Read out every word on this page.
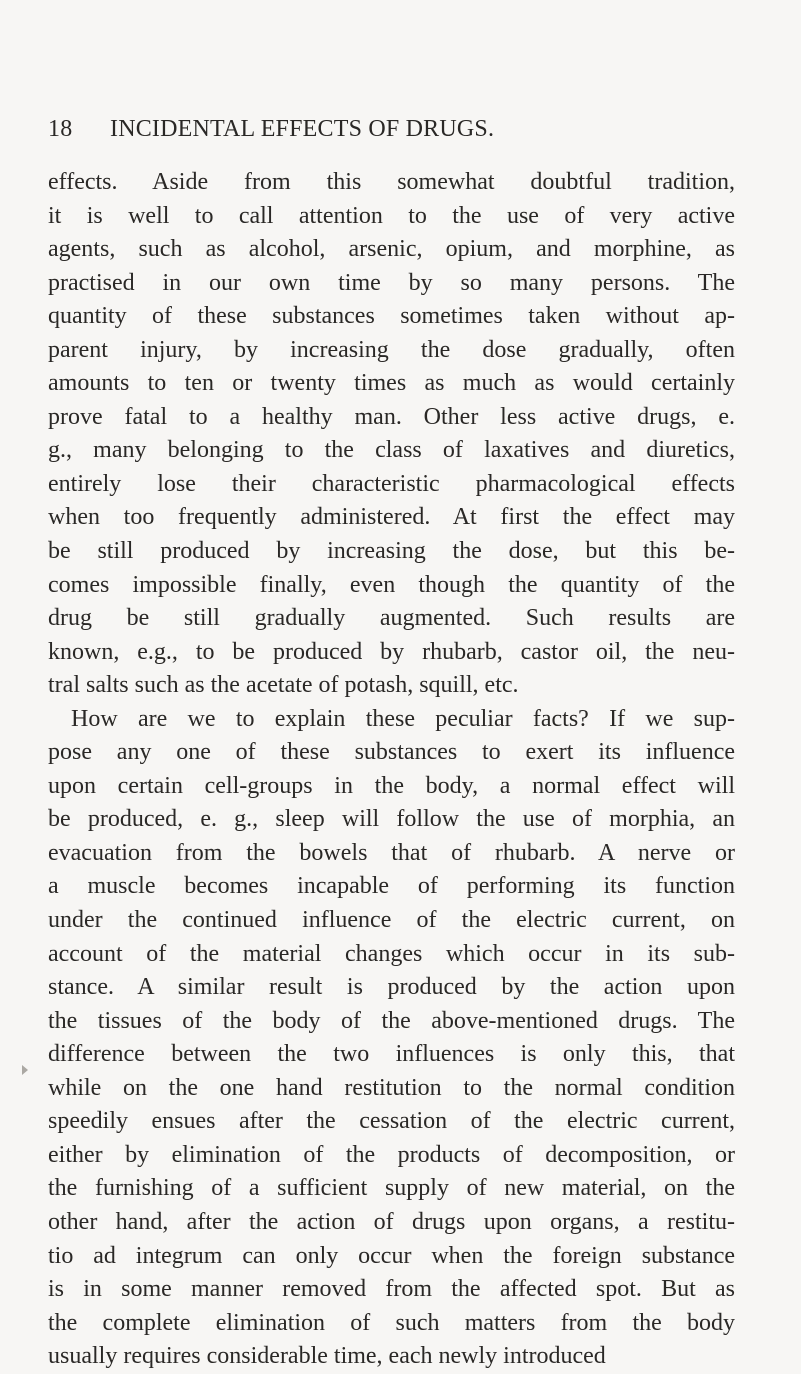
18 INCIDENTAL EFFECTS OF DRUGS.
effects. Aside from this somewhat doubtful tradition,
it is well to call attention to the use of very active
agents, such as alcohol, arsenic, opium, and morphine, as
practised in our own time by so many persons. The
quantity of these substances sometimes taken without ap-
parent injury, by increasing the dose gradually, often
amounts to ten or twenty times as much as would certainly
prove fatal to a healthy man. Other less active drugs, e.
g., many belonging to the class of laxatives and diuretics,
entirely lose their characteristic pharmacological effects
when too frequently administered. At first the effect may
be still produced by increasing the dose, but this be-
comes impossible finally, even though the quantity of the
drug be still gradually augmented. Such results are
known, e.g., to be produced by rhubarb, castor oil, the neu-
tral salts such as the acetate of potash, squill, etc.
How are we to explain these peculiar facts? If we sup-
pose any one of these substances to exert its influence
upon certain cell-groups in the body, a normal effect will
be produced, e. g., sleep will follow the use of morphia, an
evacuation from the bowels that of rhubarb. A nerve or
a muscle becomes incapable of performing its function
under the continued influence of the electric current, on
account of the material changes which occur in its sub-
stance. A similar result is produced by the action upon
the tissues of the body of the above-mentioned drugs. The
difference between the two influences is only this, that
while on the one hand restitution to the normal condition
speedily ensues after the cessation of the electric current,
either by elimination of the products of decomposition, or
the furnishing of a sufficient supply of new material, on the
other hand, after the action of drugs upon organs, a restitu-
tio ad integrum can only occur when the foreign substance
is in some manner removed from the affected spot. But as
the complete elimination of such matters from the body
usually requires considerable time, each newly introduced
